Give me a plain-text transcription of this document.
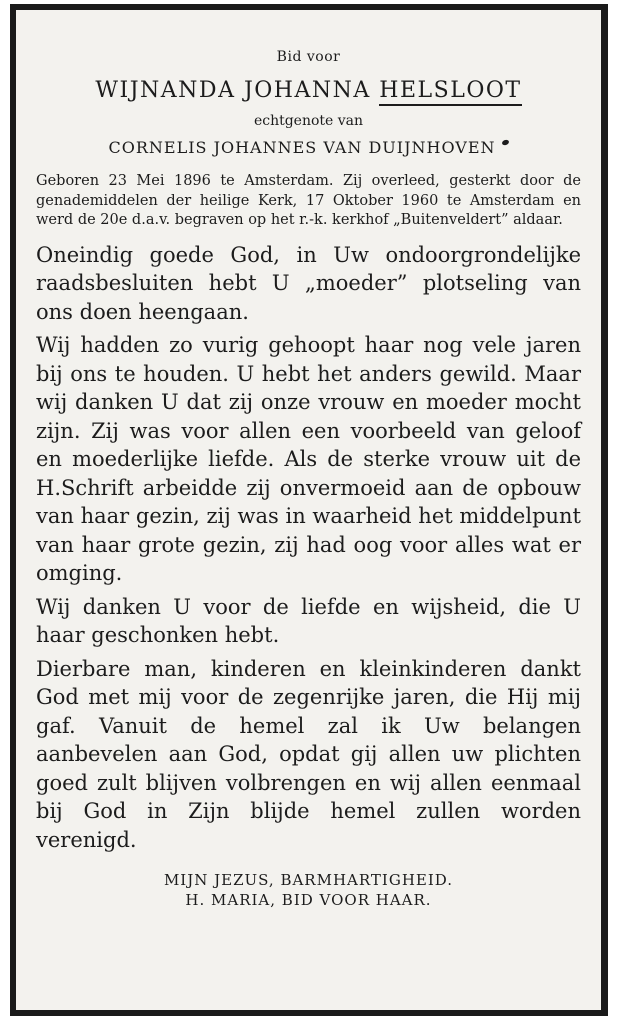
Bid voor

WIJNANDA JOHANNA HELSLOOT

echtgenote van

CORNELIS JOHANNES VAN DUIJNHOVEN

Geboren 23 Mei 1896 te Amsterdam. Zij overleed, gesterkt door de genademiddelen der heilige Kerk, 17 Oktober 1960 te Amsterdam en werd de 20e d.a.v. begraven op het r.-k. kerkhof „Buitenveldert” aldaar.

Oneindig goede God, in Uw ondoorgrondelijke raadsbesluiten hebt U „moeder” plotseling van ons doen heengaan.

Wij hadden zo vurig gehoopt haar nog vele jaren bij ons te houden. U hebt het anders gewild. Maar wij danken U dat zij onze vrouw en moeder mocht zijn. Zij was voor allen een voorbeeld van geloof en moederlijke liefde. Als de sterke vrouw uit de H.Schrift arbeidde zij onvermoeid aan de opbouw van haar gezin, zij was in waarheid het middelpunt van haar grote gezin, zij had oog voor alles wat er omging.

Wij danken U voor de liefde en wijsheid, die U haar geschonken hebt.

Dierbare man, kinderen en kleinkinderen dankt God met mij voor de zegenrijke jaren, die Hij mij gaf. Vanuit de hemel zal ik Uw belangen aanbevelen aan God, opdat gij allen uw plichten goed zult blijven volbrengen en wij allen eenmaal bij God in Zijn blijde hemel zullen worden verenigd.

MIJN JEZUS, BARMHARTIGHEID.
H. MARIA, BID VOOR HAAR.
